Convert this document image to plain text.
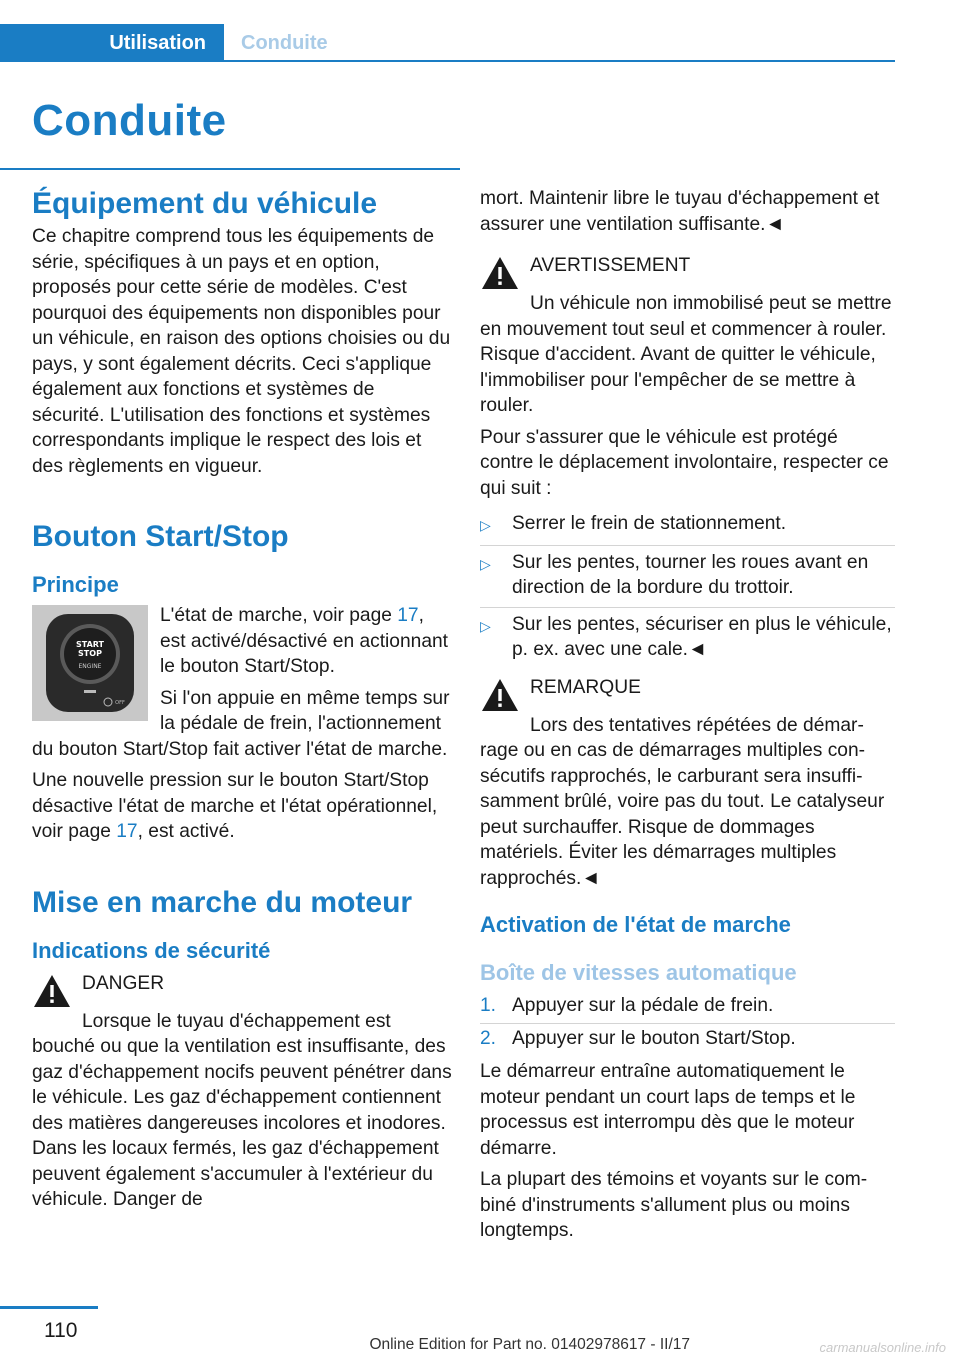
Utilisation	Conduite
Conduite
Équipement du véhicule
Ce chapitre comprend tous les équipements de série, spécifiques à un pays et en option, proposés pour cette série de modèles. C'est pourquoi des équipements non disponibles pour un véhicule, en raison des options choisies ou du pays, y sont également décrits. Ceci s'applique également aux fonctions et systèmes de sécurité. L'utilisation des fonctions et systèmes correspondants implique le respect des lois et des règlements en vigueur.
Bouton Start/Stop
Principe
START
STOP
ENGINE
OFF
L'état de marche, voir page 17, est activé/désactivé en actionnant le bouton Start/Stop.
Si l'on appuie en même temps sur la pédale de frein, l'actionnement du bouton Start/Stop fait activer l'état de marche.
Une nouvelle pression sur le bouton Start/Stop désactive l'état de marche et l'état opérationnel, voir page 17, est activé.
Mise en marche du moteur
Indications de sécurité
DANGER
Lorsque le tuyau d'échappement est bouché ou que la ventilation est insuffisante, des gaz d'échappement nocifs peuvent pénétrer dans le véhicule. Les gaz d'échappement contiennent des matières dangereuses incolores et inodores. Dans les locaux fermés, les gaz d'échappement peuvent également s'accumuler à l'extérieur du véhicule. Danger de
mort. Maintenir libre le tuyau d'échappement et assurer une ventilation suffisante.◄
AVERTISSEMENT
Un véhicule non immobilisé peut se mettre en mouvement tout seul et commencer à rouler. Risque d'accident. Avant de quitter le véhicule, l'immobiliser pour l'empêcher de se mettre à rouler.
Pour s'assurer que le véhicule est protégé contre le déplacement involontaire, respecter ce qui suit :
▷	Serrer le frein de stationnement.
▷	Sur les pentes, tourner les roues avant en direction de la bordure du trottoir.
▷	Sur les pentes, sécuriser en plus le véhicule, p. ex. avec une cale.◄
REMARQUE
Lors des tentatives répétées de démarrage ou en cas de démarrages multiples consécutifs rapprochés, le carburant sera insuffisamment brûlé, voire pas du tout. Le catalyseur peut surchauffer. Risque de dommages matériels. Éviter les démarrages multiples rapprochés.◄
Activation de l'état de marche
Boîte de vitesses automatique
1. Appuyer sur la pédale de frein.
2. Appuyer sur le bouton Start/Stop.
Le démarreur entraîne automatiquement le moteur pendant un court laps de temps et le processus est interrompu dès que le moteur démarre.
La plupart des témoins et voyants sur le combiné d'instruments s'allument plus ou moins longtemps.
110
Online Edition for Part no. 01402978617 - II/17	carmanualsonline.info
